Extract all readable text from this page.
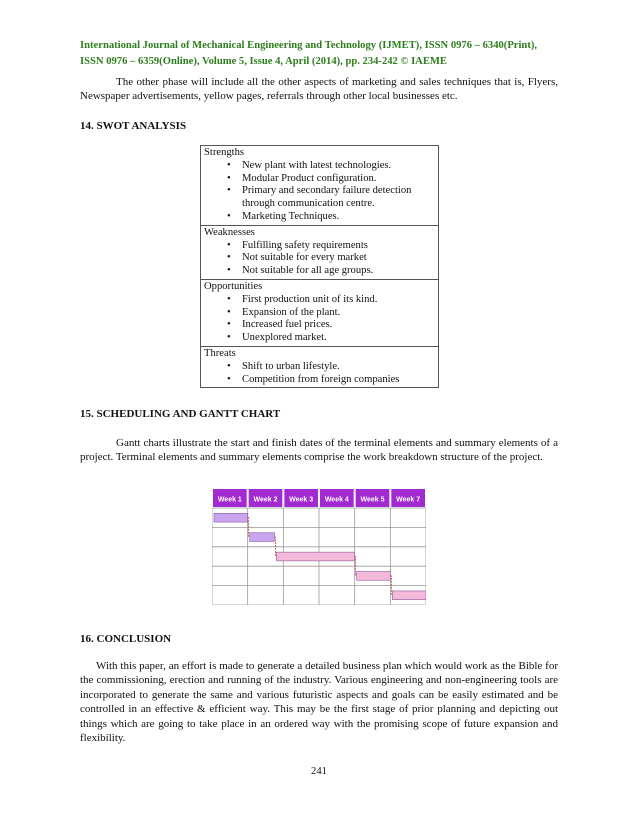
International Journal of Mechanical Engineering and Technology (IJMET), ISSN 0976 – 6340(Print),
ISSN 0976 – 6359(Online), Volume 5, Issue 4, April (2014), pp. 234-242 © IAEME
The other phase will include all the other aspects of marketing and sales techniques that is, Flyers, Newspaper advertisements, yellow pages, referrals through other local businesses etc.
14. SWOT ANALYSIS
Strengths
• New plant with latest technologies.
• Modular Product configuration.
• Primary and secondary failure detection through communication centre.
• Marketing Techniques.

Weaknesses
• Fulfilling safety requirements
• Not suitable for every market
• Not suitable for all age groups.

Opportunities
• First production unit of its kind.
• Expansion of the plant.
• Increased fuel prices.
• Unexplored market.

Threats
• Shift to urban lifestyle.
• Competition from foreign companies
15. SCHEDULING AND GANTT CHART
Gantt charts illustrate the start and finish dates of the terminal elements and summary elements of a project. Terminal elements and summary elements comprise the work breakdown structure of the project.
Week 1 Week 2 Week 3 Week 4 Week 5 Week 7
16. CONCLUSION
With this paper, an effort is made to generate a detailed business plan which would work as the Bible for the commissioning, erection and running of the industry. Various engineering and non-engineering tools are incorporated to generate the same and various futuristic aspects and goals can be easily estimated and be controlled in an effective & efficient way. This may be the first stage of prior planning and depicting out things which are going to take place in an ordered way with the promising scope of future expansion and flexibility.
241
